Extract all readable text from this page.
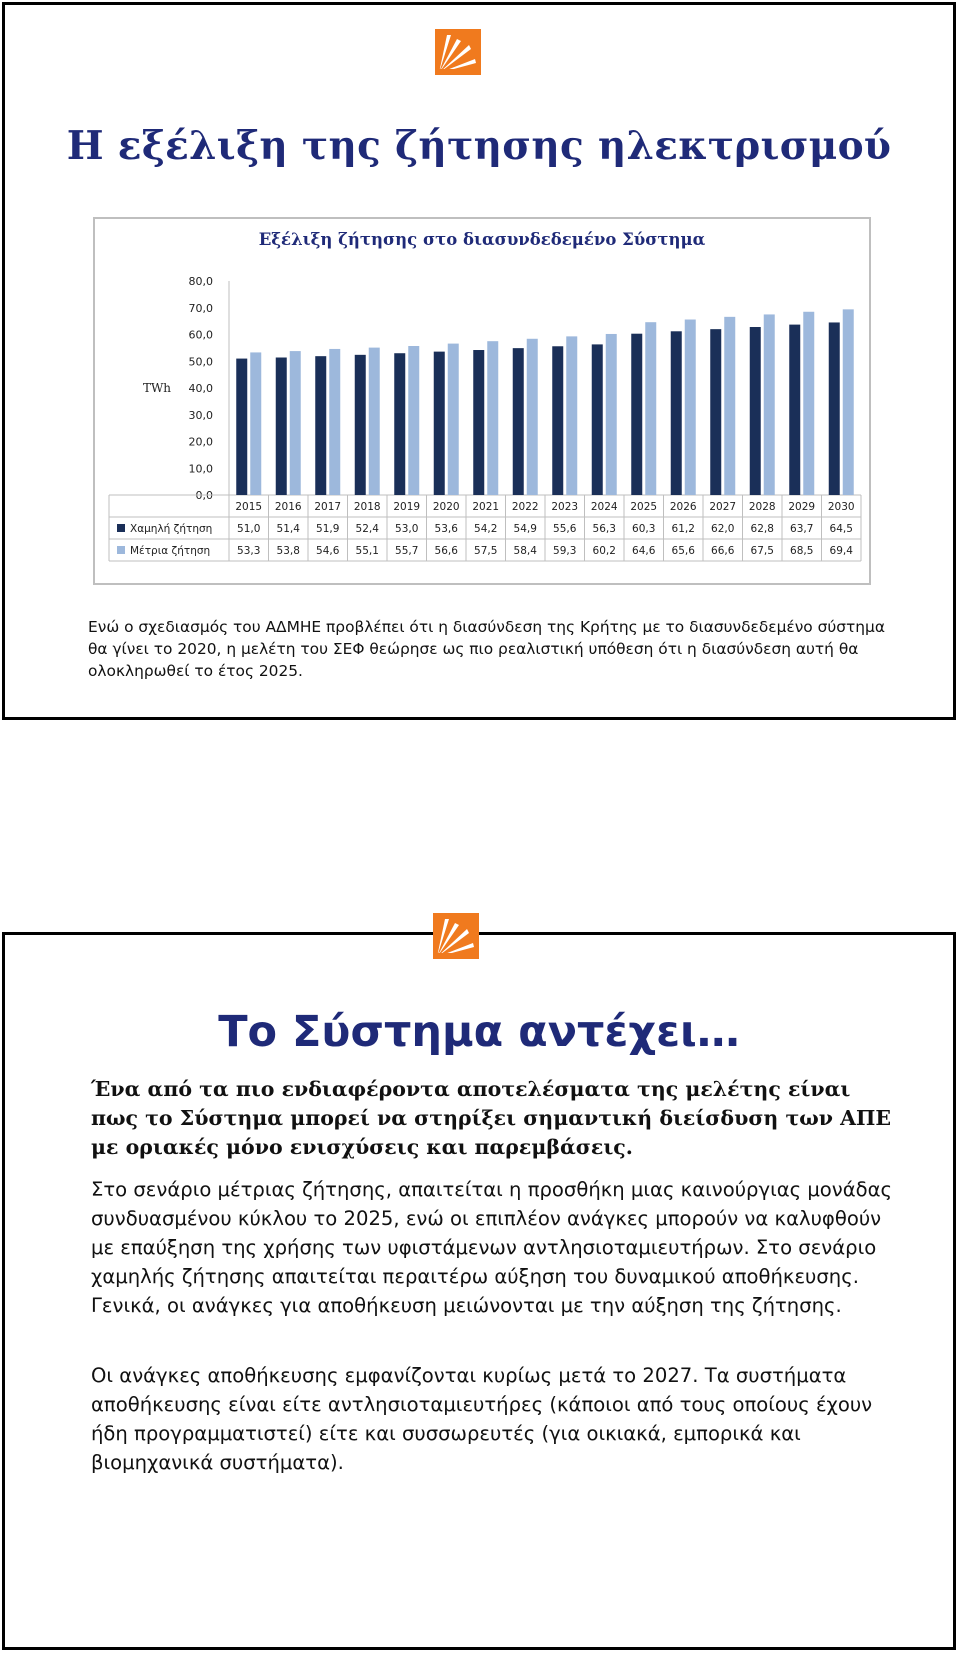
Η εξέλιξη της ζήτησης ηλεκτρισμού
Εξέλιξη ζήτησης στο διασυνδεδεμένο Σύστημα
0,0
10,0
20,0
30,0
40,0
50,0
60,0
70,0
80,0
TWh
2015 2016 2017 2018 2019 2020 2021 2022 2023 2024 2025 2026 2027 2028 2029 2030
Χαμηλή ζήτηση 51,0 51,4 51,9 52,4 53,0 53,6 54,2 54,9 55,6 56,3 60,3 61,2 62,0 62,8 63,7 64,5
Μέτρια ζήτηση	53,3 53,8 54,6 55,1 55,7 56,6 57,5 58,4 59,3 60,2 64,6 65,6 66,6 67,5 68,5 69,4
Ενώ ο σχεδιασμός του ΑΔΜΗΕ προβλέπει ότι η διασύνδεση της Κρήτης με το διασυνδεδεμένο σύστημα θα γίνει το 2020, η μελέτη του ΣΕΦ θεώρησε ως πιο ρεαλιστική υπόθεση ότι η διασύνδεση αυτή θα ολοκληρωθεί το έτος 2025.
Το Σύστημα αντέχει…
Ένα από τα πιο ενδιαφέροντα αποτελέσματα της μελέτης είναι πως το Σύστημα μπορεί να στηρίξει σημαντική διείσδυση των ΑΠΕ με οριακές μόνο ενισχύσεις και παρεμβάσεις.
Στο σενάριο μέτριας ζήτησης, απαιτείται η προσθήκη μιας καινούργιας μονάδας συνδυασμένου κύκλου το 2025, ενώ οι επιπλέον ανάγκες μπορούν να καλυφθούν με επαύξηση της χρήσης των υφιστάμενων αντλησιοταμιευτήρων. Στο σενάριο χαμηλής ζήτησης απαιτείται περαιτέρω αύξηση του δυναμικού αποθήκευσης. Γενικά, οι ανάγκες για αποθήκευση μειώνονται με την αύξηση της ζήτησης.
Οι ανάγκες αποθήκευσης εμφανίζονται κυρίως μετά το 2027. Τα συστήματα αποθήκευσης είναι είτε αντλησιοταμιευτήρες (κάποιοι από τους οποίους έχουν ήδη προγραμματιστεί) είτε και συσσωρευτές (για οικιακά, εμπορικά και βιομηχανικά συστήματα).
